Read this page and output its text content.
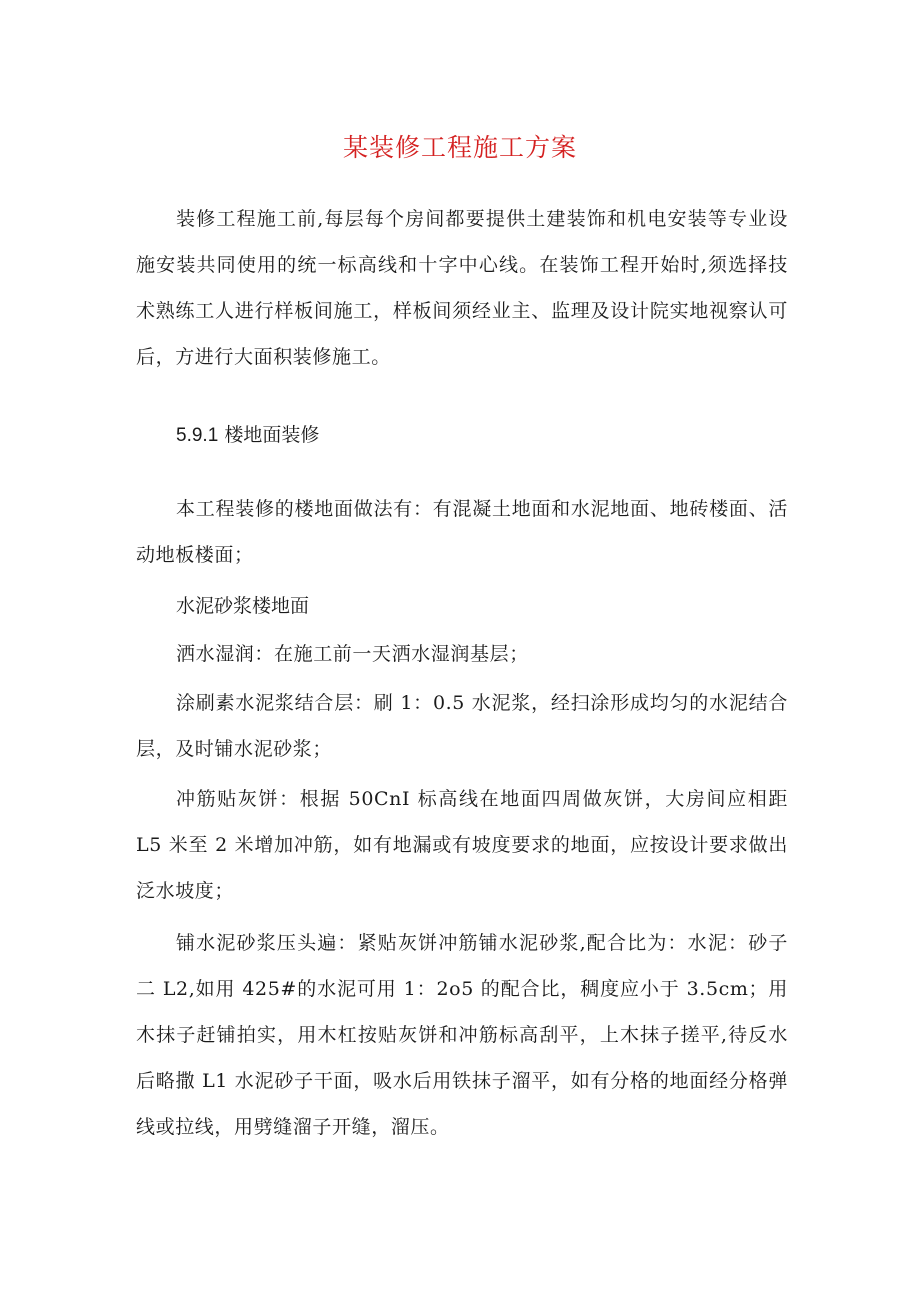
某装修工程施工方案
装修工程施工前,每层每个房间都要提供土建装饰和机电安装等专业设施安装共同使用的统一标高线和十字中心线。在装饰工程开始时,须选择技术熟练工人进行样板间施工，样板间须经业主、监理及设计院实地视察认可后，方进行大面积装修施工。
5.9.1 楼地面装修
本工程装修的楼地面做法有：有混凝土地面和水泥地面、地砖楼面、活动地板楼面；
水泥砂浆楼地面
洒水湿润：在施工前一天洒水湿润基层；
涂刷素水泥浆结合层：刷 1：0.5 水泥浆，经扫涂形成均匀的水泥结合层，及时铺水泥砂浆；
冲筋贴灰饼：根据 50CnI 标高线在地面四周做灰饼，大房间应相距 L5 米至 2 米增加冲筋，如有地漏或有坡度要求的地面，应按设计要求做出泛水坡度；
铺水泥砂浆压头遍：紧贴灰饼冲筋铺水泥砂浆,配合比为：水泥：砂子二 L2,如用 425#的水泥可用 1：2o5 的配合比，稠度应小于 3.5cm；用木抹子赶铺拍实，用木杠按贴灰饼和冲筋标高刮平，上木抹子搓平,待反水后略撒 L1 水泥砂子干面，吸水后用铁抹子溜平，如有分格的地面经分格弹线或拉线，用劈缝溜子开缝，溜压。
